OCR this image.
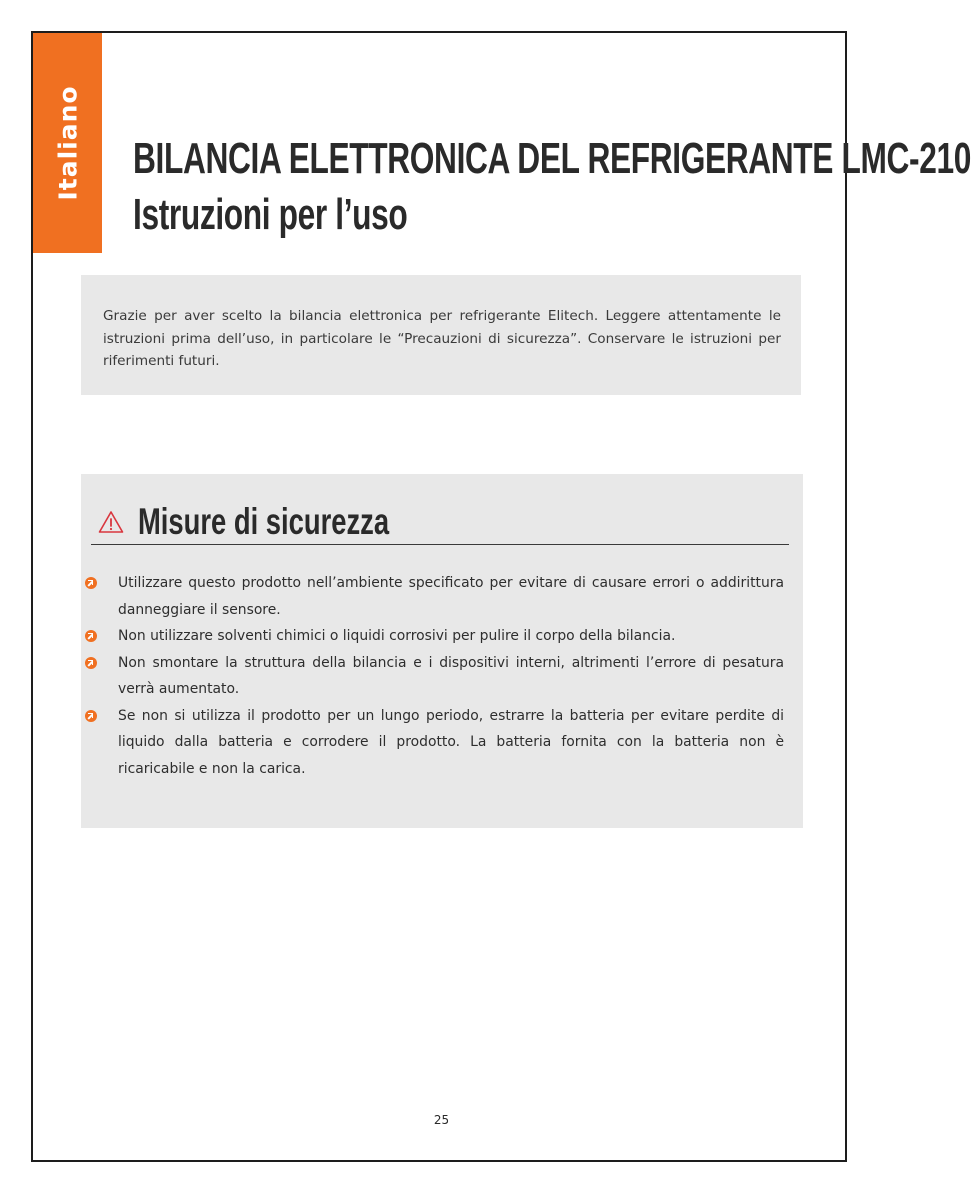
Italiano BILANCIA ELETTRONICA DEL REFRIGERANTE LMC-210
Istruzioni per l’uso

Grazie per aver scelto la bilancia elettronica per refrigerante Elitech. Leggere attentamente le istruzioni prima dell’uso, in particolare le “Precauzioni di sicurezza”. Conservare le istruzioni per riferimenti futuri.

Misure di sicurezza
Utilizzare questo prodotto nell’ambiente specificato per evitare di causare errori o addirittura danneggiare il sensore.
Non utilizzare solventi chimici o liquidi corrosivi per pulire il corpo della bilancia.
Non smontare la struttura della bilancia e i dispositivi interni, altrimenti l’errore di pesatura verrà aumentato.
Se non si utilizza il prodotto per un lungo periodo, estrarre la batteria per evitare perdite di liquido dalla batteria e corrodere il prodotto. La batteria fornita con la batteria non è ricaricabile e non la carica.
25
